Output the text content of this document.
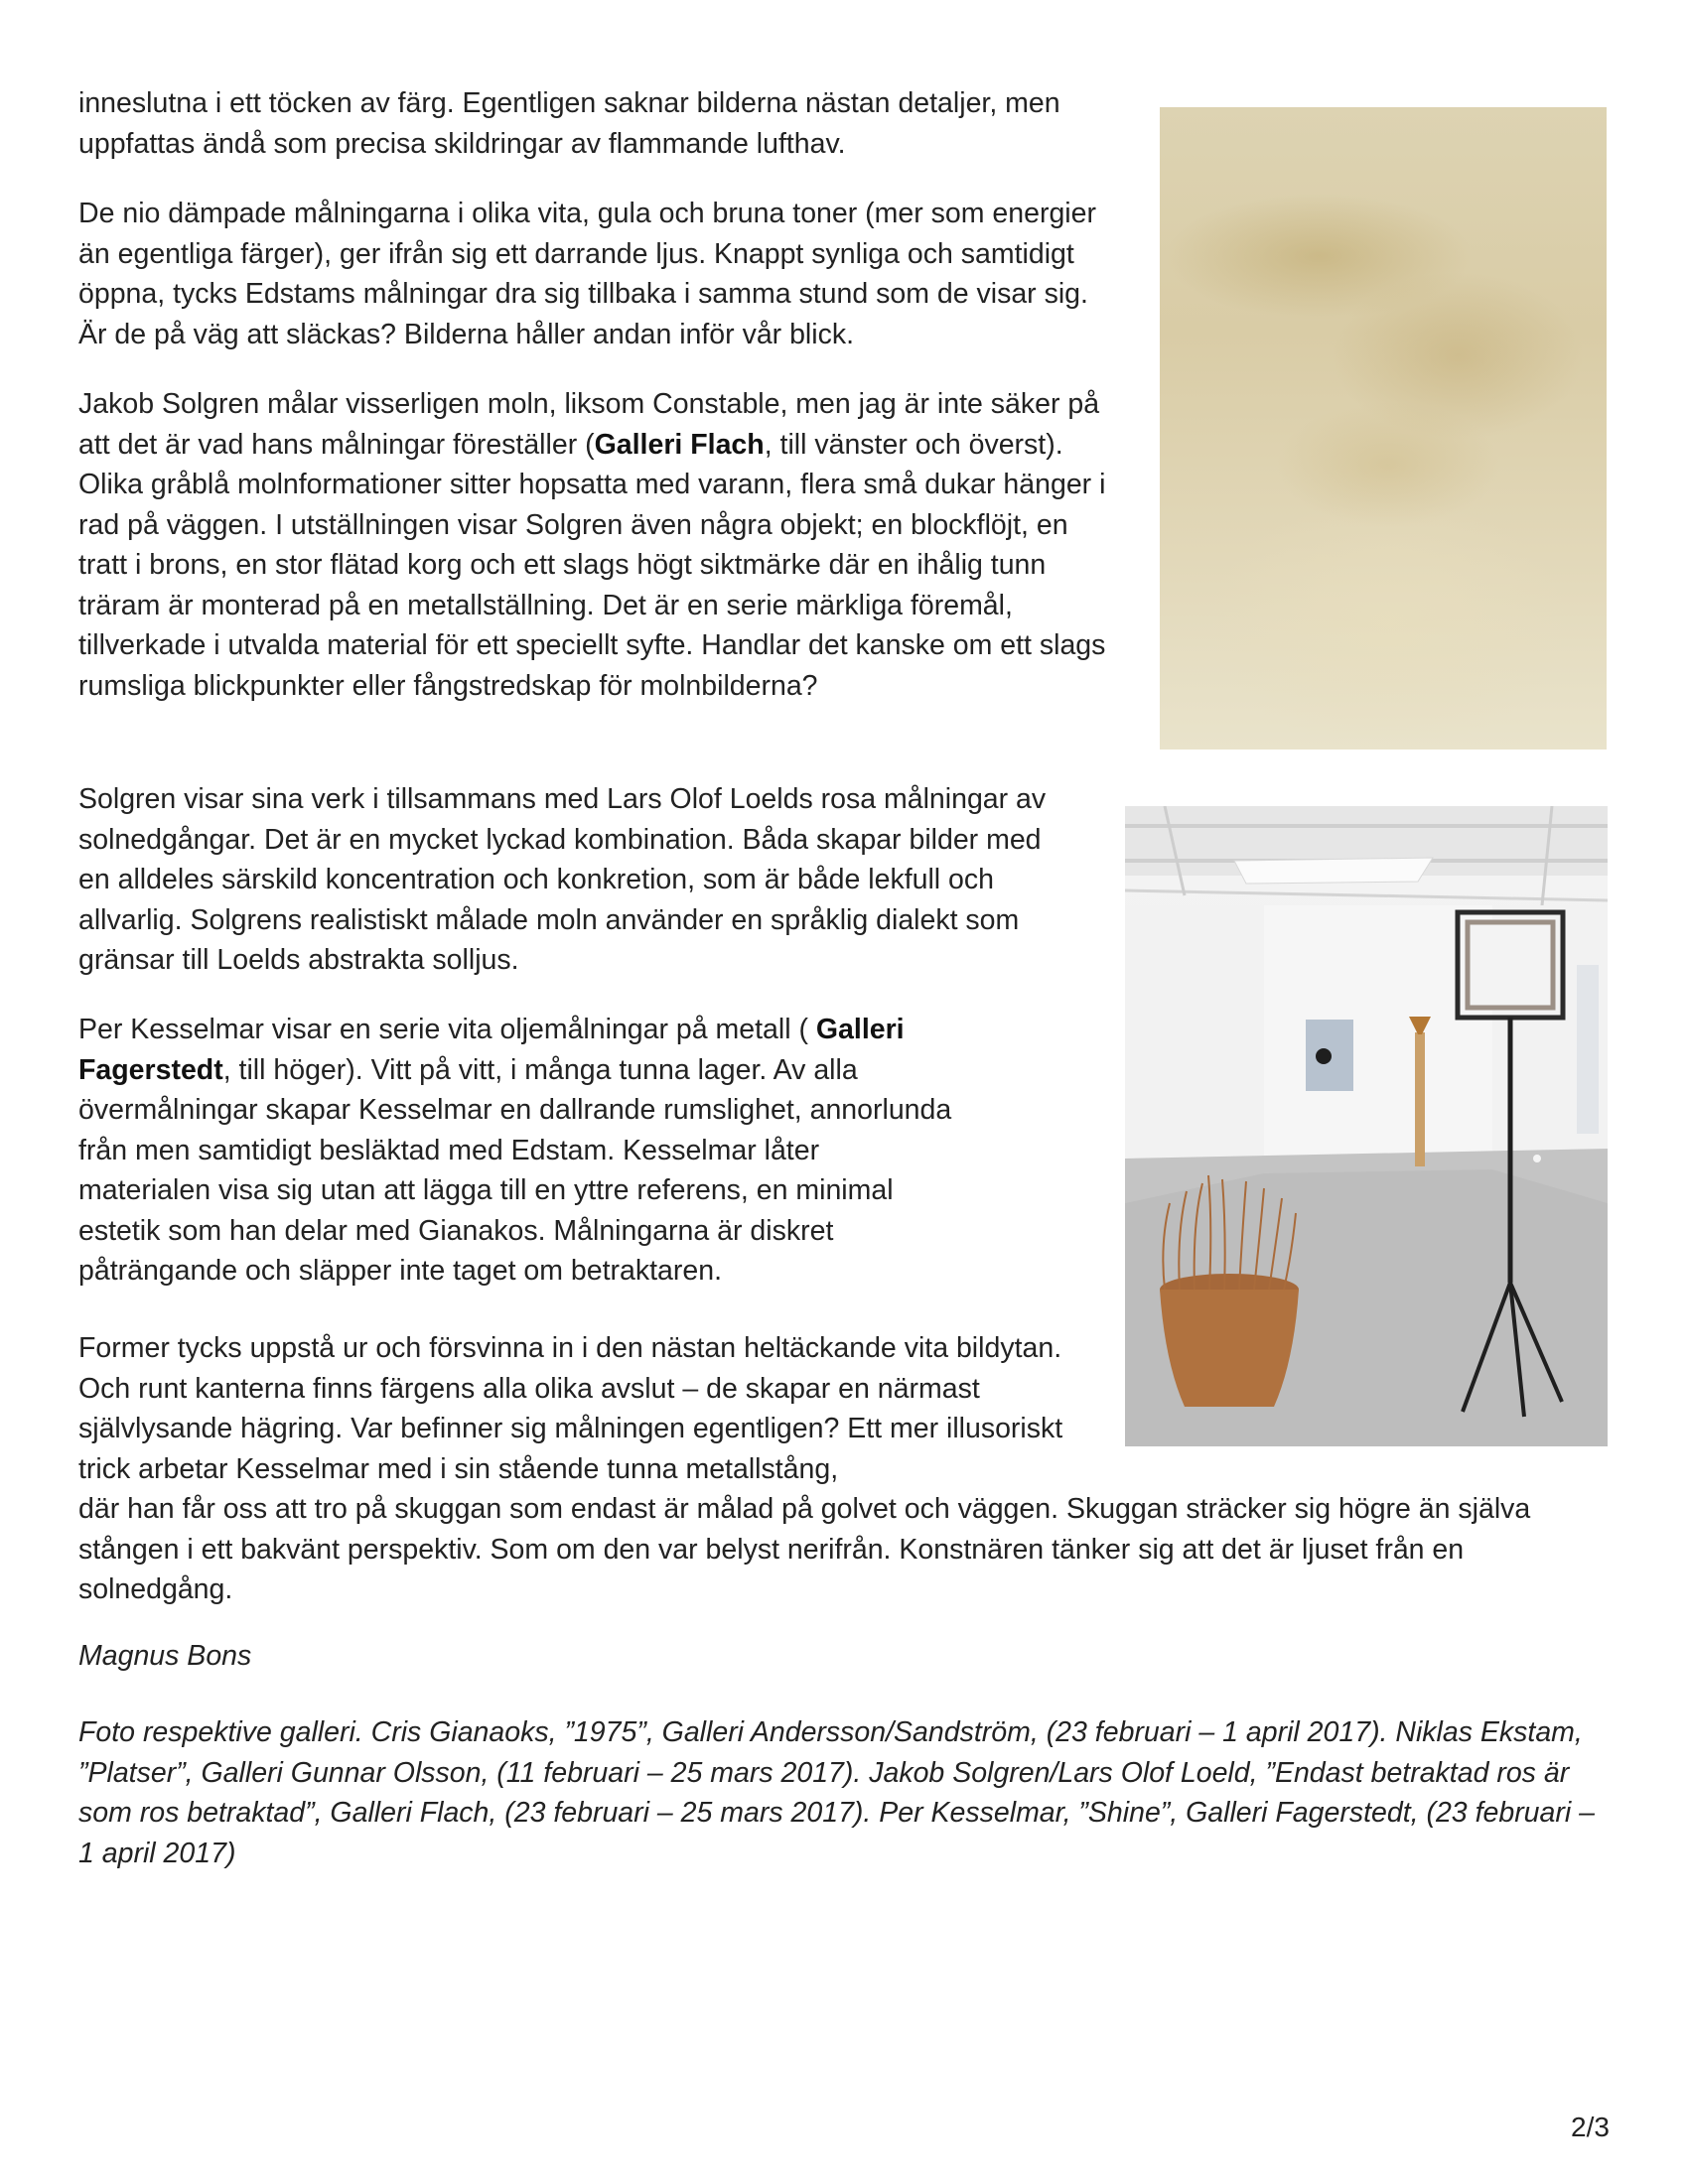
inneslutna i ett töcken av färg. Egentligen saknar bilderna nästan detaljer, men uppfattas ändå som precisa skildringar av flammande lufthav.

De nio dämpade målningarna i olika vita, gula och bruna toner (mer som energier än egentliga färger), ger ifrån sig ett darrande ljus. Knappt synliga och samtidigt öppna, tycks Edstams målningar dra sig tillbaka i samma stund som de visar sig. Är de på väg att släckas? Bilderna håller andan inför vår blick.

Jakob Solgren målar visserligen moln, liksom Constable, men jag är inte säker på att det är vad hans målningar föreställer (Galleri Flach, till vänster och överst). Olika gråblå molnformationer sitter hopsatta med varann, flera små dukar hänger i rad på väggen. I utställningen visar Solgren även några objekt; en blockflöjt, en tratt i brons, en stor flätad korg och ett slags högt siktmärke där en ihålig tunn träram är monterad på en metallställning. Det är en serie märkliga föremål, tillverkade i utvalda material för ett speciellt syfte. Handlar det kanske om ett slags rumsliga blickpunkter eller fångstredskap för molnbilderna?

Solgren visar sina verk i tillsammans med Lars Olof Loelds rosa målningar av solnedgångar. Det är en mycket lyckad kombination. Båda skapar bilder med en alldeles särskild koncentration och konkretion, som är både lekfull och allvarlig. Solgrens realistiskt målade moln använder en språklig dialekt som gränsar till Loelds abstrakta solljus.

Per Kesselmar visar en serie vita oljemålningar på metall ( Galleri Fagerstedt, till höger). Vitt på vitt, i många tunna lager. Av alla övermålningar skapar Kesselmar en dallrande rumslighet, annorlunda från men samtidigt besläktad med Edstam. Kesselmar låter materialen visa sig utan att lägga till en yttre referens, en minimal estetik som han delar med Gianakos. Målningarna är diskret påträngande och släpper inte taget om betraktaren.

Former tycks uppstå ur och försvinna in i den nästan heltäckande vita bildytan. Och runt kanterna finns färgens alla olika avslut – de skapar en närmast självlysande hägring. Var befinner sig målningen egentligen? Ett mer illusoriskt trick arbetar Kesselmar med i sin stående tunna metallstång,

där han får oss att tro på skuggan som endast är målad på golvet och väggen. Skuggan sträcker sig högre än själva stången i ett bakvänt perspektiv. Som om den var belyst nerifrån. Konstnären tänker sig att det är ljuset från en solnedgång.

Magnus Bons

Foto respektive galleri. Cris Gianaoks, ”1975”, Galleri Andersson/Sandström, (23 februari – 1 april 2017). Niklas Ekstam, ”Platser”, Galleri Gunnar Olsson, (11 februari – 25 mars 2017). Jakob Solgren/Lars Olof Loeld, ”Endast betraktad ros är som ros betraktad”, Galleri Flach, (23 februari – 25 mars 2017). Per Kesselmar, ”Shine”, Galleri Fagerstedt, (23 februari – 1 april 2017)

2/3
